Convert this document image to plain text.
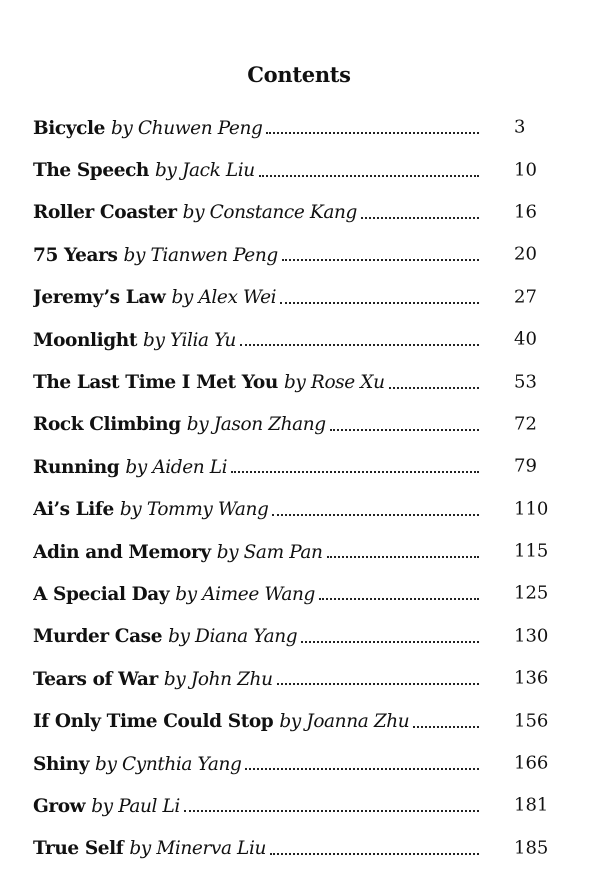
Contents
Bicycle by Chuwen Peng	3
The Speech by Jack Liu	10
Roller Coaster by Constance Kang	16
75 Years by Tianwen Peng	20
Jeremy’s Law by Alex Wei	27
Moonlight by Yilia Yu	40
The Last Time I Met You by Rose Xu	53
Rock Climbing by Jason Zhang	72
Running by Aiden Li	79
Ai’s Life by Tommy Wang	110
Adin and Memory by Sam Pan	115
A Special Day by Aimee Wang	125
Murder Case by Diana Yang	130
Tears of War by John Zhu	136
If Only Time Could Stop by Joanna Zhu	156
Shiny by Cynthia Yang	166
Grow by Paul Li	181
True Self by Minerva Liu	185
